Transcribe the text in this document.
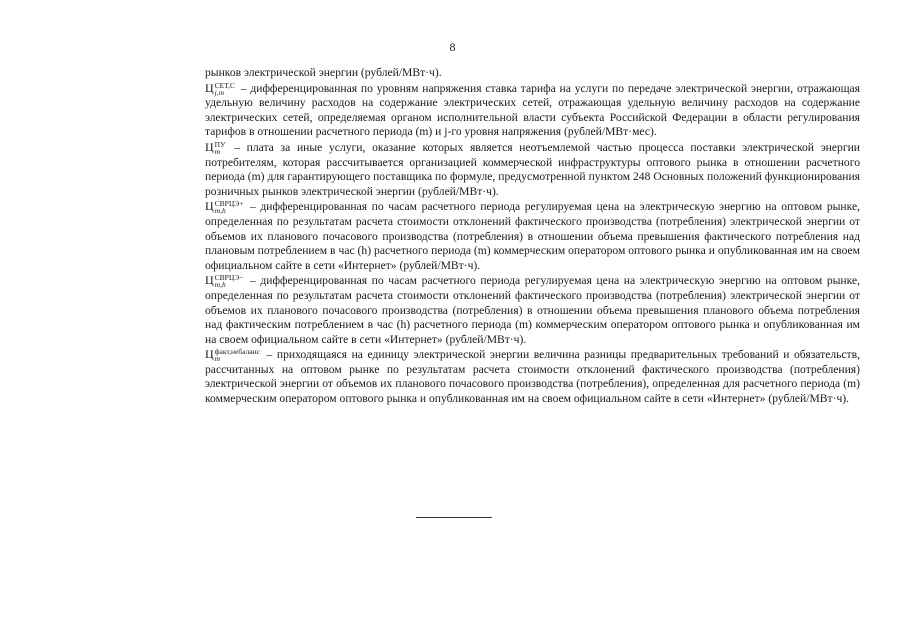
8

рынков электрической энергии (рублей/МВт·ч).

Ц СЕТ,С
j,m	– дифференцированная по уровням напряжения ставка тарифа на услуги по передаче электрической энергии, отражающая удельную величину расходов на содержание электрических сетей, отражающая удельную величину расходов на содержание электрических сетей, определяемая органом исполнительной власти субъекта Российской Федерации в области регулирования тарифов в отношении расчетного периода (m) и j-го уровня напряжения (рублей/МВт·мес).

Ц ПУ
m – плата за иные услуги, оказание которых является неотъемлемой частью процесса поставки электрической энергии потребителям, которая рассчитывается организацией коммерческой инфраструктуры оптового рынка в отношении расчетного периода (m) для гарантирующего поставщика по формуле, предусмотренной пунктом 248 Основных положений функционирования розничных рынков электрической энергии (рублей/МВт·ч).

Ц СВРЦЭ+
m,h	– дифференцированная по часам расчетного периода регулируемая цена на электрическую энергию на оптовом рынке, определенная по результатам расчета стоимости отклонений фактического производства (потребления) электрической энергии от объемов их планового почасового производства (потребления) в отношении объема превышения фактического потребления над плановым потреблением в час (h) расчетного периода (m) коммерческим оператором оптового рынка и опубликованная им на своем официальном сайте в сети «Интернет» (рублей/МВт·ч).

Ц СВРЦЭ−
m,h	– дифференцированная по часам расчетного периода регулируемая цена на электрическую энергию на оптовом рынке, определенная по результатам расчета стоимости отклонений фактического производства (потребления) электрической энергии от объемов их планового почасового производства (потребления) в отношении объема превышения планового объема потребления над фактическим потреблением в час (h) расчетного периода (m) коммерческим оператором оптового рынка и опубликованная им на своем официальном сайте в сети «Интернет» (рублей/МВт·ч).

Ц факт,небаланс
m	– приходящаяся на единицу электрической энергии величина разницы предварительных требований и обязательств, рассчитанных на оптовом рынке по результатам расчета стоимости отклонений фактического производства (потребления) электрической энергии от объемов их планового почасового производства (потребления), определенная для расчетного периода (m) коммерческим оператором оптового рынка и опубликованная им на своем официальном сайте в сети «Интернет» (рублей/МВт·ч).
